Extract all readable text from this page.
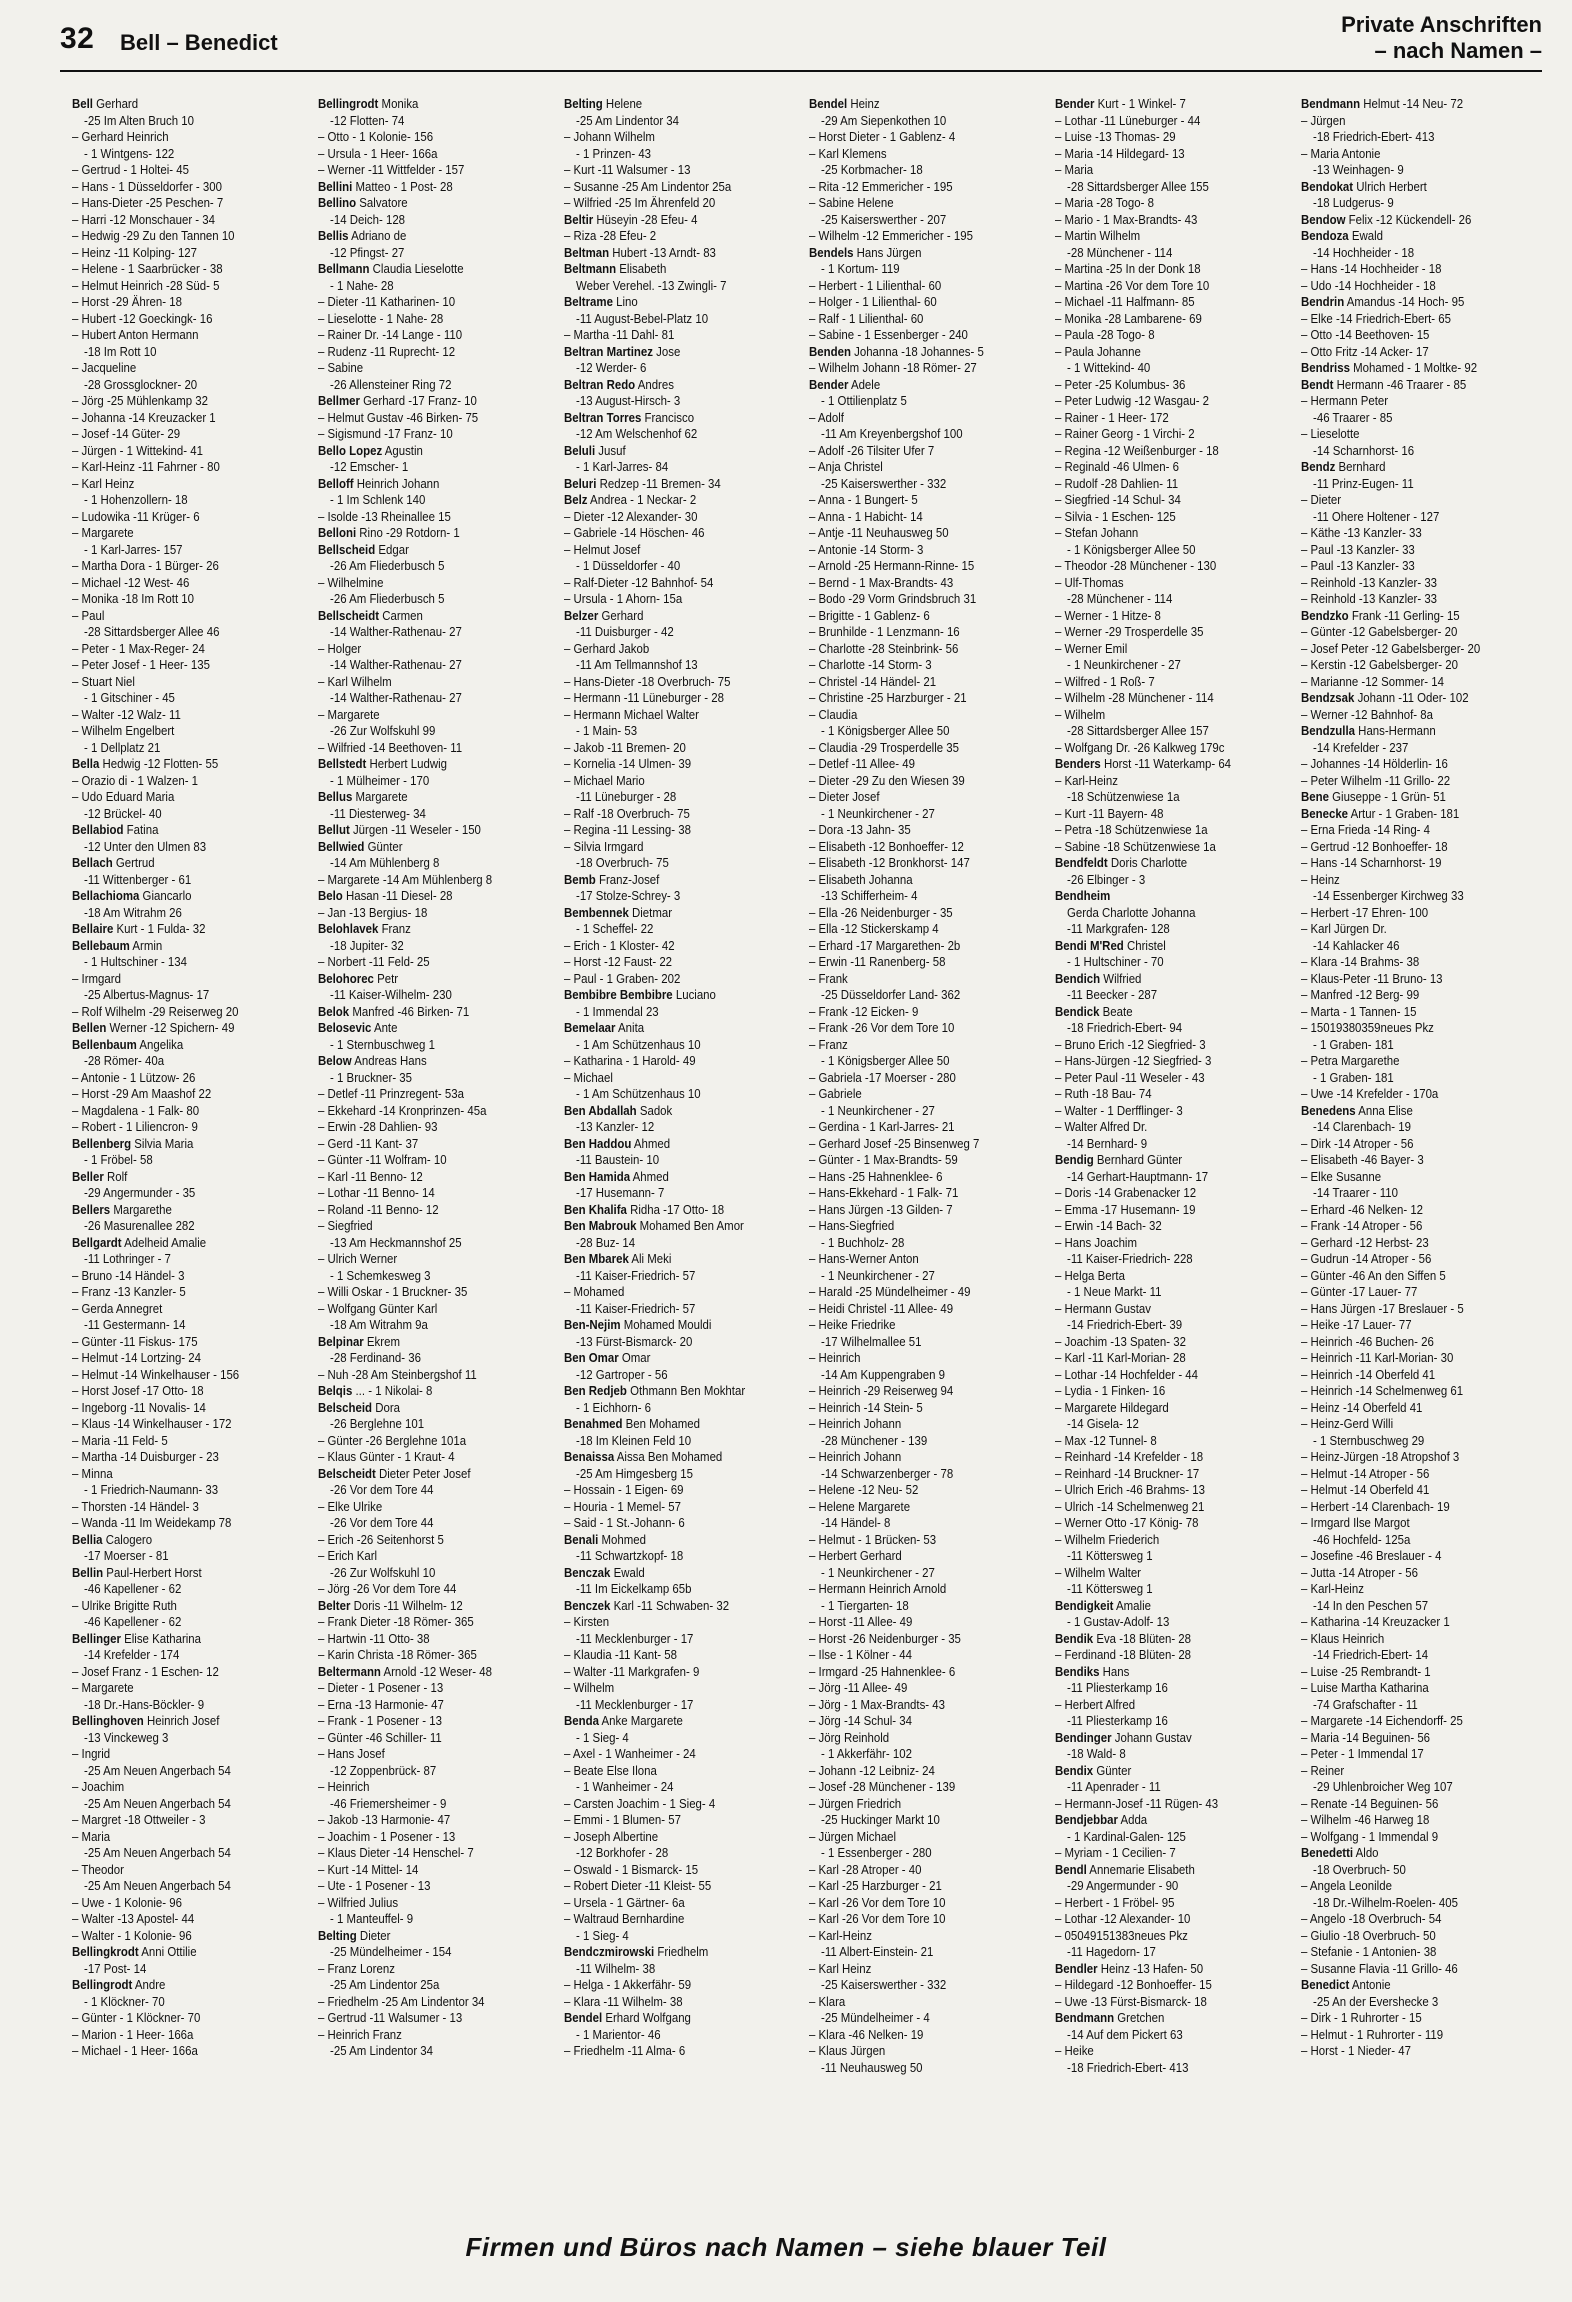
32 Bell – Benedict
Private Anschriften
– nach Namen –
Bell Gerhard
-25 Im Alten Bruch 10
– Gerhard Heinrich
- 1 Wintgens- 122
– Gertrud - 1 Holtei- 45
– Hans - 1 Düsseldorfer - 300
– Hans-Dieter -25 Peschen- 7
– Harri -12 Monschauer - 34
– Hedwig -29 Zu den Tannen 10
– Heinz -11 Kolping- 127
– Helene - 1 Saarbrücker - 38
– Helmut Heinrich -28 Süd- 5
– Horst -29 Ähren- 18
– Hubert -12 Goeckingk- 16
– Hubert Anton Hermann
-18 Im Rott 10
– Jacqueline
-28 Grossglockner- 20
– Jörg -25 Mühlenkamp 32
– Johanna -14 Kreuzacker 1
– Josef -14 Güter- 29
– Jürgen - 1 Wittekind- 41
– Karl-Heinz -11 Fahrner - 80
– Karl Heinz
- 1 Hohenzollern- 18
– Ludowika -11 Krüger- 6
– Margarete
- 1 Karl-Jarres- 157
– Martha Dora - 1 Bürger- 26
– Michael -12 West- 46
– Monika -18 Im Rott 10
– Paul
-28 Sittardsberger Allee 46
– Peter - 1 Max-Reger- 24
– Peter Josef - 1 Heer- 135
– Stuart Niel
- 1 Gitschiner - 45
– Walter -12 Walz- 11
– Wilhelm Engelbert
- 1 Dellplatz 21
Bella Hedwig -12 Flotten- 55
– Orazio di - 1 Walzen- 1
– Udo Eduard Maria
-12 Brückel- 40
Bellabiod Fatina
-12 Unter den Ulmen 83
Bellach Gertrud
-11 Wittenberger - 61
Bellachioma Giancarlo
-18 Am Witrahm 26
Bellaire Kurt - 1 Fulda- 32
Bellebaum Armin
- 1 Hultschiner - 134
– Irmgard
-25 Albertus-Magnus- 17
– Rolf Wilhelm -29 Reiserweg 20
Bellen Werner -12 Spichern- 49
Bellenbaum Angelika
-28 Römer- 40a
– Antonie - 1 Lützow- 26
– Horst -29 Am Maashof 22
– Magdalena - 1 Falk- 80
– Robert - 1 Liliencron- 9
Bellenberg Silvia Maria
- 1 Fröbel- 58
Beller Rolf
-29 Angermunder - 35
Bellers Margarethe
-26 Masurenallee 282
Bellgardt Adelheid Amalie
-11 Lothringer - 7
– Bruno -14 Händel- 3
– Franz -13 Kanzler- 5
– Gerda Annegret
-11 Gestermann- 14
– Günter -11 Fiskus- 175
– Helmut -14 Lortzing- 24
– Helmut -14 Winkelhauser - 156
– Horst Josef -17 Otto- 18
– Ingeborg -11 Novalis- 14
– Klaus -14 Winkelhauser - 172
– Maria -11 Feld- 5
– Martha -14 Duisburger - 23
– Minna
- 1 Friedrich-Naumann- 33
– Thorsten -14 Händel- 3
– Wanda -11 Im Weidekamp 78
Bellia Calogero
-17 Moerser - 81
Bellin Paul-Herbert Horst
-46 Kapellener - 62
– Ulrike Brigitte Ruth
-46 Kapellener - 62
Bellinger Elise Katharina
-14 Krefelder - 174
– Josef Franz - 1 Eschen- 12
– Margarete
-18 Dr.-Hans-Böckler- 9
Bellinghoven Heinrich Josef
-13 Vinckeweg 3
– Ingrid
-25 Am Neuen Angerbach 54
– Joachim
-25 Am Neuen Angerbach 54
– Margret -18 Ottweiler - 3
– Maria
-25 Am Neuen Angerbach 54
– Theodor
-25 Am Neuen Angerbach 54
– Uwe - 1 Kolonie- 96
– Walter -13 Apostel- 44
– Walter - 1 Kolonie- 96
Bellingkrodt Anni Ottilie
-17 Post- 14
Bellingrodt Andre
- 1 Klöckner- 70
– Günter - 1 Klöckner- 70
– Marion - 1 Heer- 166a
– Michael - 1 Heer- 166a
Bellingrodt Monika
-12 Flotten- 74
– Otto - 1 Kolonie- 156
– Ursula - 1 Heer- 166a
– Werner -11 Wittfelder - 157
Bellini Matteo - 1 Post- 28
Bellino Salvatore
-14 Deich- 128
Bellis Adriano de
-12 Pfingst- 27
Bellmann Claudia Lieselotte
- 1 Nahe- 28
– Dieter -11 Katharinen- 10
– Lieselotte - 1 Nahe- 28
– Rainer Dr. -14 Lange - 110
– Rudenz -11 Ruprecht- 12
– Sabine
-26 Allensteiner Ring 72
Bellmer Gerhard -17 Franz- 10
– Helmut Gustav -46 Birken- 75
– Sigismund -17 Franz- 10
Bello Lopez Agustin
-12 Emscher- 1
Belloff Heinrich Johann
- 1 Im Schlenk 140
– Isolde -13 Rheinallee 15
Belloni Rino -29 Rotdorn- 1
Bellscheid Edgar
-26 Am Fliederbusch 5
– Wilhelmine
-26 Am Fliederbusch 5
Bellscheidt Carmen
-14 Walther-Rathenau- 27
– Holger
-14 Walther-Rathenau- 27
– Karl Wilhelm
-14 Walther-Rathenau- 27
– Margarete
-26 Zur Wolfskuhl 99
– Wilfried -14 Beethoven- 11
Bellstedt Herbert Ludwig
- 1 Mülheimer - 170
Bellus Margarete
-11 Diesterweg- 34
Bellut Jürgen -11 Weseler - 150
Bellwied Günter
-14 Am Mühlenberg 8
– Margarete -14 Am Mühlenberg 8
Belo Hasan -11 Diesel- 28
– Jan -13 Bergius- 18
Belohlavek Franz
-18 Jupiter- 32
– Norbert -11 Feld- 25
Belohorec Petr
-11 Kaiser-Wilhelm- 230
Belok Manfred -46 Birken- 71
Belosevic Ante
- 1 Sternbuschweg 1
Below Andreas Hans
- 1 Bruckner- 35
– Detlef -11 Prinzregent- 53a
– Ekkehard -14 Kronprinzen- 45a
– Erwin -28 Dahlien- 93
– Gerd -11 Kant- 37
– Günter -11 Wolfram- 10
– Karl -11 Benno- 12
– Lothar -11 Benno- 14
– Roland -11 Benno- 12
– Siegfried
-13 Am Heckmannshof 25
– Ulrich Werner
- 1 Schemkesweg 3
– Willi Oskar - 1 Bruckner- 35
– Wolfgang Günter Karl
-18 Am Witrahm 9a
Belpinar Ekrem
-28 Ferdinand- 36
– Nuh -28 Am Steinbergshof 11
Belqis ... - 1 Nikolai- 8
Belscheid Dora
-26 Berglehne 101
– Günter -26 Berglehne 101a
– Klaus Günter - 1 Kraut- 4
Belscheidt Dieter Peter Josef
-26 Vor dem Tore 44
– Elke Ulrike
-26 Vor dem Tore 44
– Erich -26 Seitenhorst 5
– Erich Karl
-26 Zur Wolfskuhl 10
– Jörg -26 Vor dem Tore 44
Belter Doris -11 Wilhelm- 12
– Frank Dieter -18 Römer- 365
– Hartwin -11 Otto- 38
– Karin Christa -18 Römer- 365
Beltermann Arnold -12 Weser- 48
– Dieter - 1 Posener - 13
– Erna -13 Harmonie- 47
– Frank - 1 Posener - 13
– Günter -46 Schiller- 11
– Hans Josef
-12 Zoppenbrück- 87
– Heinrich
-46 Friemersheimer - 9
– Jakob -13 Harmonie- 47
– Joachim - 1 Posener - 13
– Klaus Dieter -14 Henschel- 7
– Kurt -14 Mittel- 14
– Ute - 1 Posener - 13
– Wilfried Julius
- 1 Manteuffel- 9
Belting Dieter
-25 Mündelheimer - 154
– Franz Lorenz
-25 Am Lindentor 25a
– Friedhelm -25 Am Lindentor 34
– Gertrud -11 Walsumer - 13
– Heinrich Franz
-25 Am Lindentor 34
Belting Helene
-25 Am Lindentor 34
– Johann Wilhelm
- 1 Prinzen- 43
– Kurt -11 Walsumer - 13
– Susanne -25 Am Lindentor 25a
– Wilfried -25 Im Ährenfeld 20
Beltir Hüseyin -28 Efeu- 4
– Riza -28 Efeu- 2
Beltman Hubert -13 Arndt- 83
Beltmann Elisabeth
Weber Verehel. -13 Zwingli- 7
Beltrame Lino
-11 August-Bebel-Platz 10
– Martha -11 Dahl- 81
Beltran Martinez Jose
-12 Werder- 6
Beltran Redo Andres
-13 August-Hirsch- 3
Beltran Torres Francisco
-12 Am Welschenhof 62
Beluli Jusuf
- 1 Karl-Jarres- 84
Beluri Redzep -11 Bremen- 34
Belz Andrea - 1 Neckar- 2
– Dieter -12 Alexander- 30
– Gabriele -14 Höschen- 46
– Helmut Josef
- 1 Düsseldorfer - 40
– Ralf-Dieter -12 Bahnhof- 54
– Ursula - 1 Ahorn- 15a
Belzer Gerhard
-11 Duisburger - 42
– Gerhard Jakob
-11 Am Tellmannshof 13
– Hans-Dieter -18 Overbruch- 75
– Hermann -11 Lüneburger - 28
– Hermann Michael Walter
- 1 Main- 53
– Jakob -11 Bremen- 20
– Kornelia -14 Ulmen- 39
– Michael Mario
-11 Lüneburger - 28
– Ralf -18 Overbruch- 75
– Regina -11 Lessing- 38
– Silvia Irmgard
-18 Overbruch- 75
Bemb Franz-Josef
-17 Stolze-Schrey- 3
Bembennek Dietmar
- 1 Scheffel- 22
– Erich - 1 Kloster- 42
– Horst -12 Faust- 22
– Paul - 1 Graben- 202
Bembibre Bembibre Luciano
- 1 Immendal 23
Bemelaar Anita
- 1 Am Schützenhaus 10
– Katharina - 1 Harold- 49
– Michael
- 1 Am Schützenhaus 10
Ben Abdallah Sadok
-13 Kanzler- 12
Ben Haddou Ahmed
-11 Baustein- 10
Ben Hamida Ahmed
-17 Husemann- 7
Ben Khalifa Ridha -17 Otto- 18
Ben Mabrouk Mohamed Ben Amor
-28 Buz- 14
Ben Mbarek Ali Meki
-11 Kaiser-Friedrich- 57
– Mohamed
-11 Kaiser-Friedrich- 57
Ben-Nejim Mohamed Mouldi
-13 Fürst-Bismarck- 20
Ben Omar Omar
-12 Gartroper - 56
Ben Redjeb Othmann Ben Mokhtar
- 1 Eichhorn- 6
Benahmed Ben Mohamed
-18 Im Kleinen Feld 10
Benaissa Aissa Ben Mohamed
-25 Am Himgesberg 15
– Hossain - 1 Eigen- 69
– Houria - 1 Memel- 57
– Said - 1 St.-Johann- 6
Benali Mohmed
-11 Schwartzkopf- 18
Benczak Ewald
-11 Im Eickelkamp 65b
Benczek Karl -11 Schwaben- 32
– Kirsten
-11 Mecklenburger - 17
– Klaudia -11 Kant- 58
– Walter -11 Markgrafen- 9
– Wilhelm
-11 Mecklenburger - 17
Benda Anke Margarete
- 1 Sieg- 4
– Axel - 1 Wanheimer - 24
– Beate Else Ilona
- 1 Wanheimer - 24
– Carsten Joachim - 1 Sieg- 4
– Emmi - 1 Blumen- 57
– Joseph Albertine
-12 Borkhofer - 28
– Oswald - 1 Bismarck- 15
– Robert Dieter -11 Kleist- 55
– Ursela - 1 Gärtner- 6a
– Waltraud Bernhardine
- 1 Sieg- 4
Bendczmirowski Friedhelm
-11 Wilhelm- 38
– Helga - 1 Akkerfähr- 59
– Klara -11 Wilhelm- 38
Bendel Erhard Wolfgang
- 1 Marientor- 46
– Friedhelm -11 Alma- 6
Bendel Heinz
-29 Am Siepenkothen 10
– Horst Dieter - 1 Gablenz- 4
– Karl Klemens
-25 Korbmacher- 18
– Rita -12 Emmericher - 195
– Sabine Helene
-25 Kaiserswerther - 207
– Wilhelm -12 Emmericher - 195
Bendels Hans Jürgen
- 1 Kortum- 119
– Herbert - 1 Lilienthal- 60
– Holger - 1 Lilienthal- 60
– Ralf - 1 Lilienthal- 60
– Sabine - 1 Essenberger - 240
Benden Johanna -18 Johannes- 5
– Wilhelm Johann -18 Römer- 27
Bender Adele
- 1 Ottilienplatz 5
– Adolf
-11 Am Kreyenbergshof 100
– Adolf -26 Tilsiter Ufer 7
– Anja Christel
-25 Kaiserswerther - 332
– Anna - 1 Bungert- 5
– Anna - 1 Habicht- 14
– Antje -11 Neuhausweg 50
– Antonie -14 Storm- 3
– Arnold -25 Hermann-Rinne- 15
– Bernd - 1 Max-Brandts- 43
– Bodo -29 Vorm Grindsbruch 31
– Brigitte - 1 Gablenz- 6
– Brunhilde - 1 Lenzmann- 16
– Charlotte -28 Steinbrink- 56
– Charlotte -14 Storm- 3
– Christel -14 Händel- 21
– Christine -25 Harzburger - 21
– Claudia
- 1 Königsberger Allee 50
– Claudia -29 Trosperdelle 35
– Detlef -11 Allee- 49
– Dieter -29 Zu den Wiesen 39
– Dieter Josef
- 1 Neunkirchener - 27
– Dora -13 Jahn- 35
– Elisabeth -12 Bonhoeffer- 12
– Elisabeth -12 Bronkhorst- 147
– Elisabeth Johanna
-13 Schifferheim- 4
– Ella -26 Neidenburger - 35
– Ella -12 Stickerskamp 4
– Erhard -17 Margarethen- 2b
– Erwin -11 Ranenberg- 58
– Frank
-25 Düsseldorfer Land- 362
– Frank -12 Eicken- 9
– Frank -26 Vor dem Tore 10
– Franz
- 1 Königsberger Allee 50
– Gabriela -17 Moerser - 280
– Gabriele
- 1 Neunkirchener - 27
– Gerdina - 1 Karl-Jarres- 21
– Gerhard Josef -25 Binsenweg 7
– Günter - 1 Max-Brandts- 59
– Hans -25 Hahnenklee- 6
– Hans-Ekkehard - 1 Falk- 71
– Hans Jürgen -13 Gilden- 7
– Hans-Siegfried
- 1 Buchholz- 28
– Hans-Werner Anton
- 1 Neunkirchener - 27
– Harald -25 Mündelheimer - 49
– Heidi Christel -11 Allee- 49
– Heike Friedrike
-17 Wilhelmallee 51
– Heinrich
-14 Am Kuppengraben 9
– Heinrich -29 Reiserweg 94
– Heinrich -14 Stein- 5
– Heinrich Johann
-28 Münchener - 139
– Heinrich Johann
-14 Schwarzenberger - 78
– Helene -12 Neu- 52
– Helene Margarete
-14 Händel- 8
– Helmut - 1 Brücken- 53
– Herbert Gerhard
- 1 Neunkirchener - 27
– Hermann Heinrich Arnold
- 1 Tiergarten- 18
– Horst -11 Allee- 49
– Horst -26 Neidenburger - 35
– Ilse - 1 Kölner - 44
– Irmgard -25 Hahnenklee- 6
– Jörg -11 Allee- 49
– Jörg - 1 Max-Brandts- 43
– Jörg -14 Schul- 34
– Jörg Reinhold
- 1 Akkerfähr- 102
– Johann -12 Leibniz- 24
– Josef -28 Münchener - 139
– Jürgen Friedrich
-25 Huckinger Markt 10
– Jürgen Michael
- 1 Essenberger - 280
– Karl -28 Atroper - 40
– Karl -25 Harzburger - 21
– Karl -26 Vor dem Tore 10
– Karl -26 Vor dem Tore 10
– Karl-Heinz
-11 Albert-Einstein- 21
– Karl Heinz
-25 Kaiserswerther - 332
– Klara
-25 Mündelheimer - 4
– Klara -46 Nelken- 19
– Klaus Jürgen
-11 Neuhausweg 50
Bender Kurt - 1 Winkel- 7
– Lothar -11 Lüneburger - 44
– Luise -13 Thomas- 29
– Maria -14 Hildegard- 13
– Maria
-28 Sittardsberger Allee 155
– Maria -28 Togo- 8
– Mario - 1 Max-Brandts- 43
– Martin Wilhelm
-28 Münchener - 114
– Martina -25 In der Donk 18
– Martina -26 Vor dem Tore 10
– Michael -11 Halfmann- 85
– Monika -28 Lambarene- 69
– Paula -28 Togo- 8
– Paula Johanne
- 1 Wittekind- 40
– Peter -25 Kolumbus- 36
– Peter Ludwig -12 Wasgau- 2
– Rainer - 1 Heer- 172
– Rainer Georg - 1 Virchi- 2
– Regina -12 Weißenburger - 18
– Reginald -46 Ulmen- 6
– Rudolf -28 Dahlien- 11
– Siegfried -14 Schul- 34
– Silvia - 1 Eschen- 125
– Stefan Johann
- 1 Königsberger Allee 50
– Theodor -28 Münchener - 130
– Ulf-Thomas
-28 Münchener - 114
– Werner - 1 Hitze- 8
– Werner -29 Trosperdelle 35
– Werner Emil
- 1 Neunkirchener - 27
– Wilfred - 1 Roß- 7
– Wilhelm -28 Münchener - 114
– Wilhelm
-28 Sittardsberger Allee 157
– Wolfgang Dr. -26 Kalkweg 179c
Benders Horst -11 Waterkamp- 64
– Karl-Heinz
-18 Schützenwiese 1a
– Kurt -11 Bayern- 48
– Petra -18 Schützenwiese 1a
– Sabine -18 Schützenwiese 1a
Bendfeldt Doris Charlotte
-26 Elbinger - 3
Bendheim
Gerda Charlotte Johanna
-11 Markgrafen- 128
Bendi M'Red Christel
- 1 Hultschiner - 70
Bendich Wilfried
-11 Beecker - 287
Bendick Beate
-18 Friedrich-Ebert- 94
– Bruno Erich -12 Siegfried- 3
– Hans-Jürgen -12 Siegfried- 3
– Peter Paul -11 Weseler - 43
– Ruth -18 Bau- 74
– Walter - 1 Derfflinger- 3
– Walter Alfred Dr.
-14 Bernhard- 9
Bendig Bernhard Günter
-14 Gerhart-Hauptmann- 17
– Doris -14 Grabenacker 12
– Emma -17 Husemann- 19
– Erwin -14 Bach- 32
– Hans Joachim
-11 Kaiser-Friedrich- 228
– Helga Berta
- 1 Neue Markt- 11
– Hermann Gustav
-14 Friedrich-Ebert- 39
– Joachim -13 Spaten- 32
– Karl -11 Karl-Morian- 28
– Lothar -14 Hochfelder - 44
– Lydia - 1 Finken- 16
– Margarete Hildegard
-14 Gisela- 12
– Max -12 Tunnel- 8
– Reinhard -14 Krefelder - 18
– Reinhard -14 Bruckner- 17
– Ulrich Erich -46 Brahms- 13
– Ulrich -14 Schelmenweg 21
– Werner Otto -17 König- 78
– Wilhelm Friederich
-11 Köttersweg 1
– Wilhelm Walter
-11 Köttersweg 1
Bendigkeit Amalie
- 1 Gustav-Adolf- 13
Bendik Eva -18 Blüten- 28
– Ferdinand -18 Blüten- 28
Bendiks Hans
-11 Pliesterkamp 16
– Herbert Alfred
-11 Pliesterkamp 16
Bendinger Johann Gustav
-18 Wald- 8
Bendix Günter
-11 Apenrader - 11
– Hermann-Josef -11 Rügen- 43
Bendjebbar Adda
- 1 Kardinal-Galen- 125
– Myriam - 1 Cecilien- 7
Bendl Annemarie Elisabeth
-29 Angermunder - 90
– Herbert - 1 Fröbel- 95
– Lothar -12 Alexander- 10
– 05049151383neues Pkz
-11 Hagedorn- 17
Bendler Heinz -13 Hafen- 50
– Hildegard -12 Bonhoeffer- 15
– Uwe -13 Fürst-Bismarck- 18
Bendmann Gretchen
-14 Auf dem Pickert 63
– Heike
-18 Friedrich-Ebert- 413
Bendmann Helmut -14 Neu- 72
– Jürgen
-18 Friedrich-Ebert- 413
– Maria Antonie
-13 Weinhagen- 9
Bendokat Ulrich Herbert
-18 Ludgerus- 9
Bendow Felix -12 Kückendell- 26
Bendoza Ewald
-14 Hochheider - 18
– Hans -14 Hochheider - 18
– Udo -14 Hochheider - 18
Bendrin Amandus -14 Hoch- 95
– Elke -14 Friedrich-Ebert- 65
– Otto -14 Beethoven- 15
– Otto Fritz -14 Acker- 17
Bendriss Mohamed - 1 Moltke- 92
Bendt Hermann -46 Traarer - 85
– Hermann Peter
-46 Traarer - 85
– Lieselotte
-14 Scharnhorst- 16
Bendz Bernhard
-11 Prinz-Eugen- 11
– Dieter
-11 Ohere Holtener - 127
– Käthe -13 Kanzler- 33
– Paul -13 Kanzler- 33
– Paul -13 Kanzler- 33
– Reinhold -13 Kanzler- 33
– Reinhold -13 Kanzler- 33
Bendzko Frank -11 Gerling- 15
– Günter -12 Gabelsberger- 20
– Josef Peter -12 Gabelsberger- 20
– Kerstin -12 Gabelsberger- 20
– Marianne -12 Sommer- 14
Bendzsak Johann -11 Oder- 102
– Werner -12 Bahnhof- 8a
Bendzulla Hans-Hermann
-14 Krefelder - 237
– Johannes -14 Hölderlin- 16
– Peter Wilhelm -11 Grillo- 22
Bene Giuseppe - 1 Grün- 51
Benecke Artur - 1 Graben- 181
– Erna Frieda -14 Ring- 4
– Gertrud -12 Bonhoeffer- 18
– Hans -14 Scharnhorst- 19
– Heinz
-14 Essenberger Kirchweg 33
– Herbert -17 Ehren- 100
– Karl Jürgen Dr.
-14 Kahlacker 46
– Klara -14 Brahms- 38
– Klaus-Peter -11 Bruno- 13
– Manfred -12 Berg- 99
– Marta - 1 Tannen- 15
– 15019380359neues Pkz
- 1 Graben- 181
– Petra Margarethe
- 1 Graben- 181
– Uwe -14 Krefelder - 170a
Benedens Anna Elise
-14 Clarenbach- 19
– Dirk -14 Atroper - 56
– Elisabeth -46 Bayer- 3
– Elke Susanne
-14 Traarer - 110
– Erhard -46 Nelken- 12
– Frank -14 Atroper - 56
– Gerhard -12 Herbst- 23
– Gudrun -14 Atroper - 56
– Günter -46 An den Siffen 5
– Günter -17 Lauer- 77
– Hans Jürgen -17 Breslauer - 5
– Heike -17 Lauer- 77
– Heinrich -46 Buchen- 26
– Heinrich -11 Karl-Morian- 30
– Heinrich -14 Oberfeld 41
– Heinrich -14 Schelmenweg 61
– Heinz -14 Oberfeld 41
– Heinz-Gerd Willi
- 1 Sternbuschweg 29
– Heinz-Jürgen -18 Atropshof 3
– Helmut -14 Atroper - 56
– Helmut -14 Oberfeld 41
– Herbert -14 Clarenbach- 19
– Irmgard Ilse Margot
-46 Hochfeld- 125a
– Josefine -46 Breslauer - 4
– Jutta -14 Atroper - 56
– Karl-Heinz
-14 In den Peschen 57
– Katharina -14 Kreuzacker 1
– Klaus Heinrich
-14 Friedrich-Ebert- 14
– Luise -25 Rembrandt- 1
– Luise Martha Katharina
-74 Grafschafter - 11
– Margarete -14 Eichendorff- 25
– Maria -14 Beguinen- 56
– Peter - 1 Immendal 17
– Reiner
-29 Uhlenbroicher Weg 107
– Renate -14 Beguinen- 56
– Wilhelm -46 Harweg 18
– Wolfgang - 1 Immendal 9
Benedetti Aldo
-18 Overbruch- 50
– Angela Leonilde
-18 Dr.-Wilhelm-Roelen- 405
– Angelo -18 Overbruch- 54
– Giulio -18 Overbruch- 50
– Stefanie - 1 Antonien- 38
– Susanne Flavia -11 Grillo- 46
Benedict Antonie
-25 An der Eversheckе 3
– Dirk - 1 Ruhrorter - 15
– Helmut - 1 Ruhrorter - 119
– Horst - 1 Nieder- 47
Firmen und Büros nach Namen – siehe blauer Teil
